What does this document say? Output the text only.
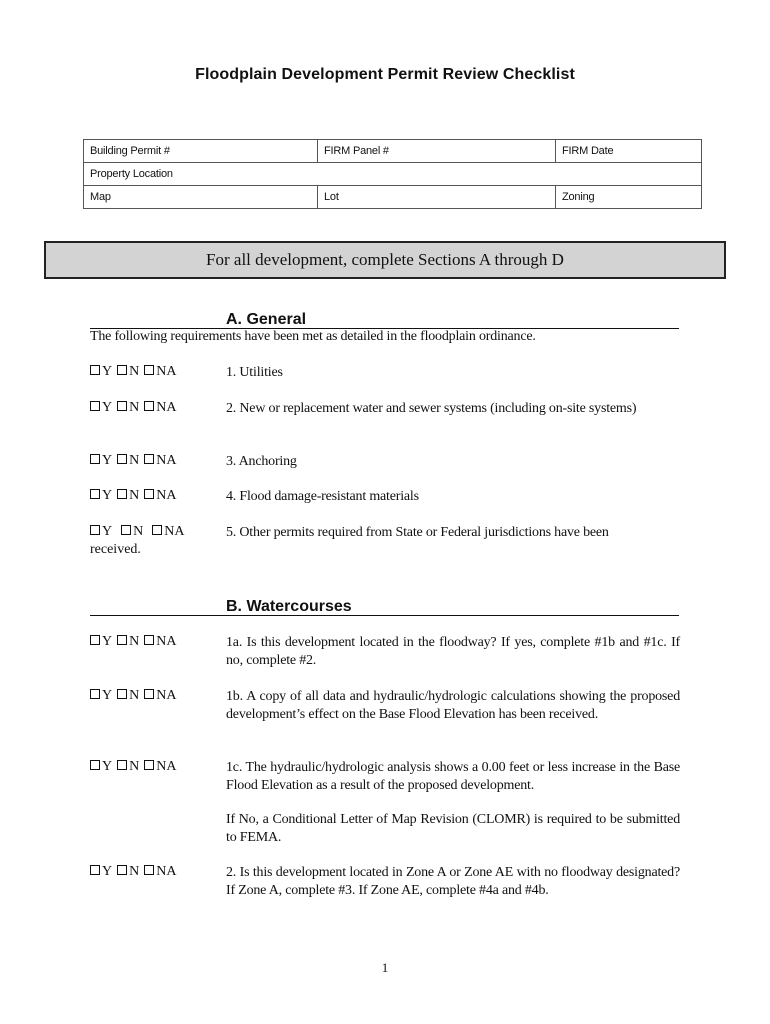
Floodplain Development Permit Review Checklist
Building Permit #	FIRM Panel #	FIRM Date
Property Location		
Map	Lot	Zoning
For all development, complete Sections A through D
A. General
The following requirements have been met as detailed in the floodplain ordinance.
Y N NA	1. Utilities
Y N NA	2. New or replacement water and sewer systems (including on-site systems)
Y N NA	3. Anchoring
Y N NA	4. Flood damage-resistant materials
Y N NA	5. Other permits required from State or Federal jurisdictions have been
received.
B. Watercourses
Y N NA	1a. Is this development located in the floodway? If yes, complete #1b and #1c. If no, complete #2.
Y N NA	1b. A copy of all data and hydraulic/hydrologic calculations showing the proposed development’s effect on the Base Flood Elevation has been received.
Y N NA	1c. The hydraulic/hydrologic analysis shows a 0.00 feet or less increase in the Base Flood Elevation as a result of the proposed development.
If No, a Conditional Letter of Map Revision (CLOMR) is required to be submitted to FEMA.
Y N NA	2. Is this development located in Zone A or Zone AE with no floodway designated? If Zone A, complete #3. If Zone AE, complete #4a and #4b.
1
